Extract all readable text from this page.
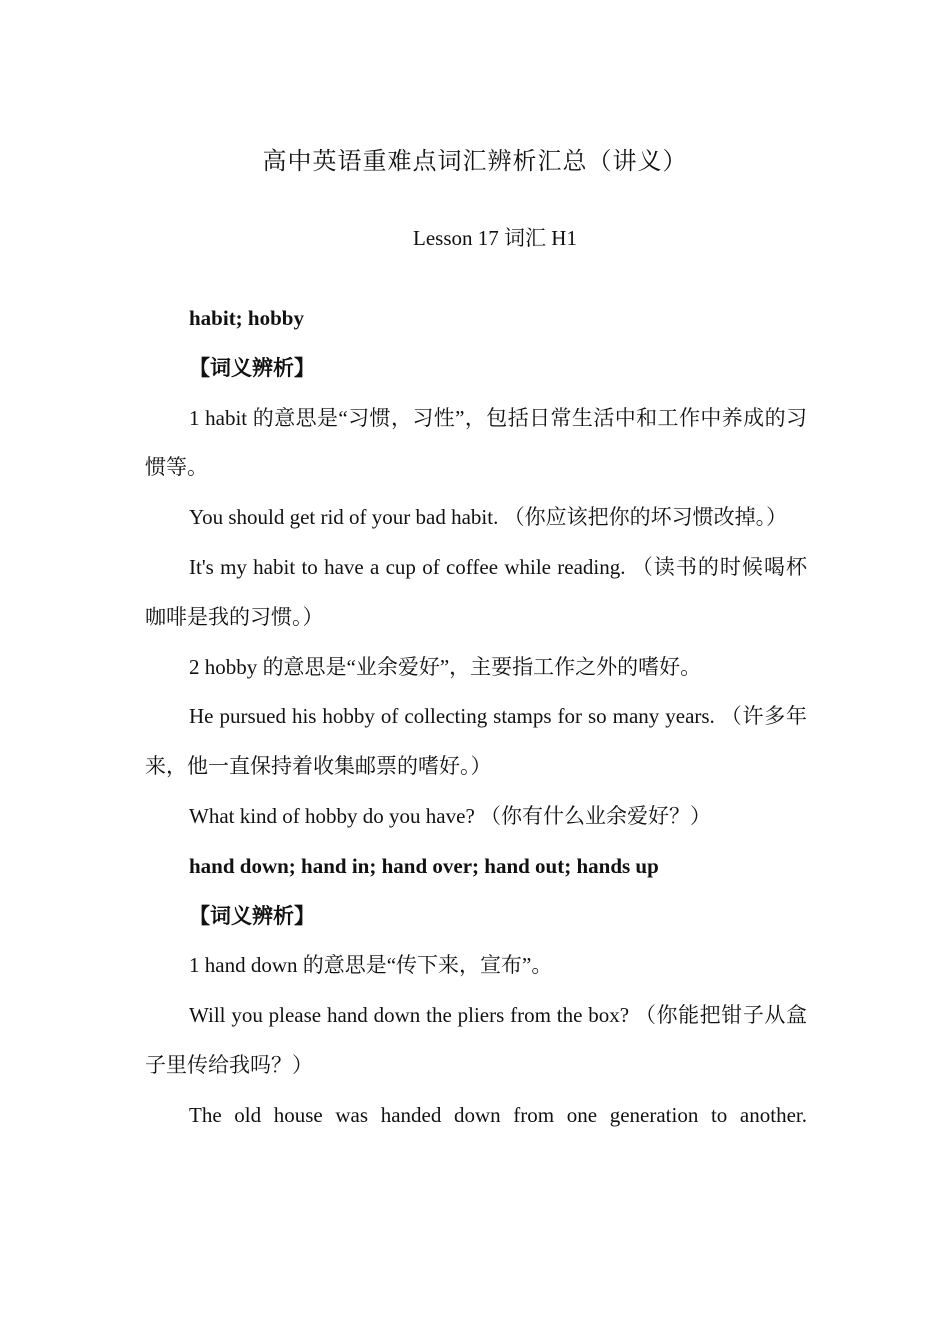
高中英语重难点词汇辨析汇总（讲义）
Lesson 17 词汇 H1

habit; hobby

【词义辨析】

1 habit 的意思是“习惯，习性”，包括日常生活中和工作中养成的习惯等。

You should get rid of your bad habit. （你应该把你的坏习惯改掉。）

It's my habit to have a cup of coffee while reading. （读书的时候喝杯咖啡是我的习惯。）

2 hobby 的意思是“业余爱好”，主要指工作之外的嗜好。

He pursued his hobby of collecting stamps for so many years. （许多年来，他一直保持着收集邮票的嗜好。）

What kind of hobby do you have? （你有什么业余爱好？）

hand down; hand in; hand over; hand out; hands up

【词义辨析】

1 hand down 的意思是“传下来，宣布”。

Will you please hand down the pliers from the box? （你能把钳子从盒子里传给我吗？）

The old house was handed down from one generation to another.
